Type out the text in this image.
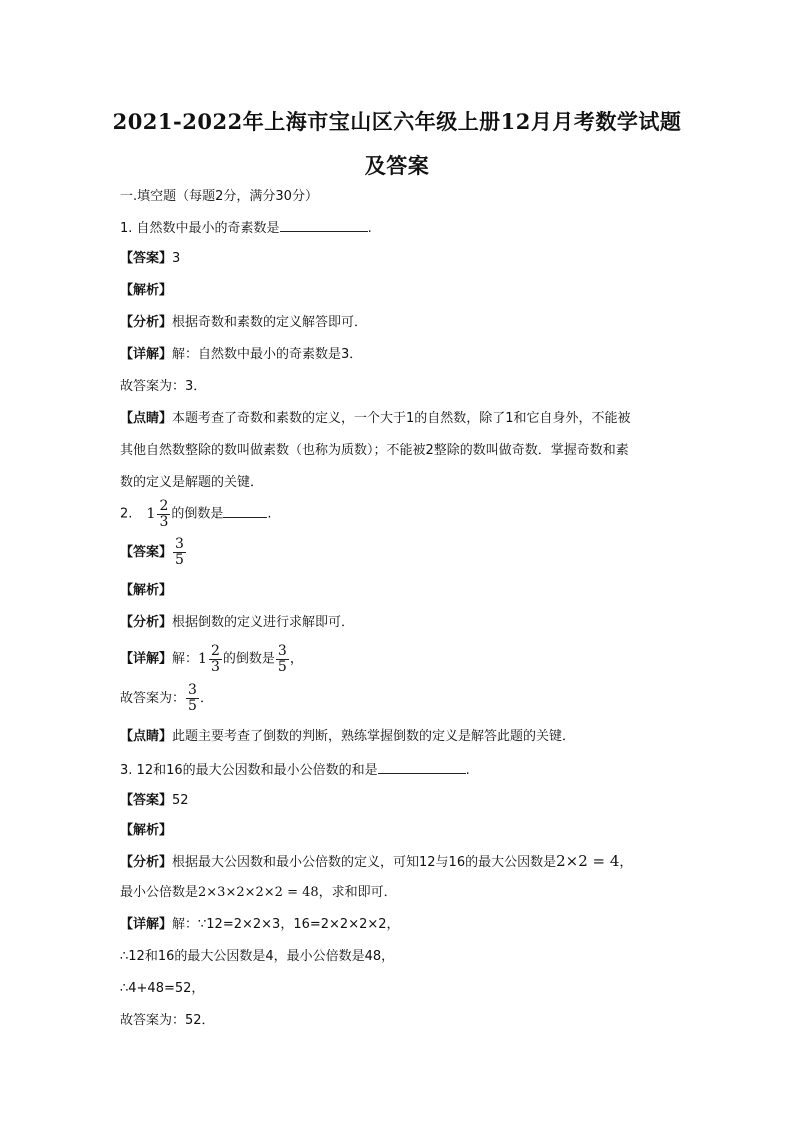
2021-2022年上海市宝山区六年级上册12月月考数学试题
及答案
一.填空题（每题2分，满分30分）
1. 自然数中最小的奇素数是	.
【答案】3
【解析】
【分析】根据奇数和素数的定义解答即可．
【详解】解：自然数中最小的奇素数是3．
故答案为：3．
【点睛】本题考查了奇数和素数的定义，一个大于1的自然数，除了1和它自身外，不能被
其他自然数整除的数叫做素数（也称为质数）；不能被2整除的数叫做奇数．掌握奇数和素
数的定义是解题的关键．
2. $1 \frac{2}{3}$ 的倒数是	.
【答案】 $\frac{3}{5}$
【解析】
【分析】根据倒数的定义进行求解即可．
【详解】解： $1 \frac{2}{3}$ 的倒数是 $\frac{3}{5}$ ，
故答案为： $\frac{3}{5}$ ．
【点睛】此题主要考查了倒数的判断，熟练掌握倒数的定义是解答此题的关键．
3. 12和16的最大公因数和最小公倍数的和是	.
【答案】52
【解析】
【分析】根据最大公因数和最小公倍数的定义，可知12与16的最大公因数是2×2 = 4，
最小公倍数是2×3×2×2×2 = 48，求和即可．
【详解】解：∵12=2×2×3，16=2×2×2×2，
∴12和16的最大公因数是4，最小公倍数是48，
∴4+48=52，
故答案为：52．
